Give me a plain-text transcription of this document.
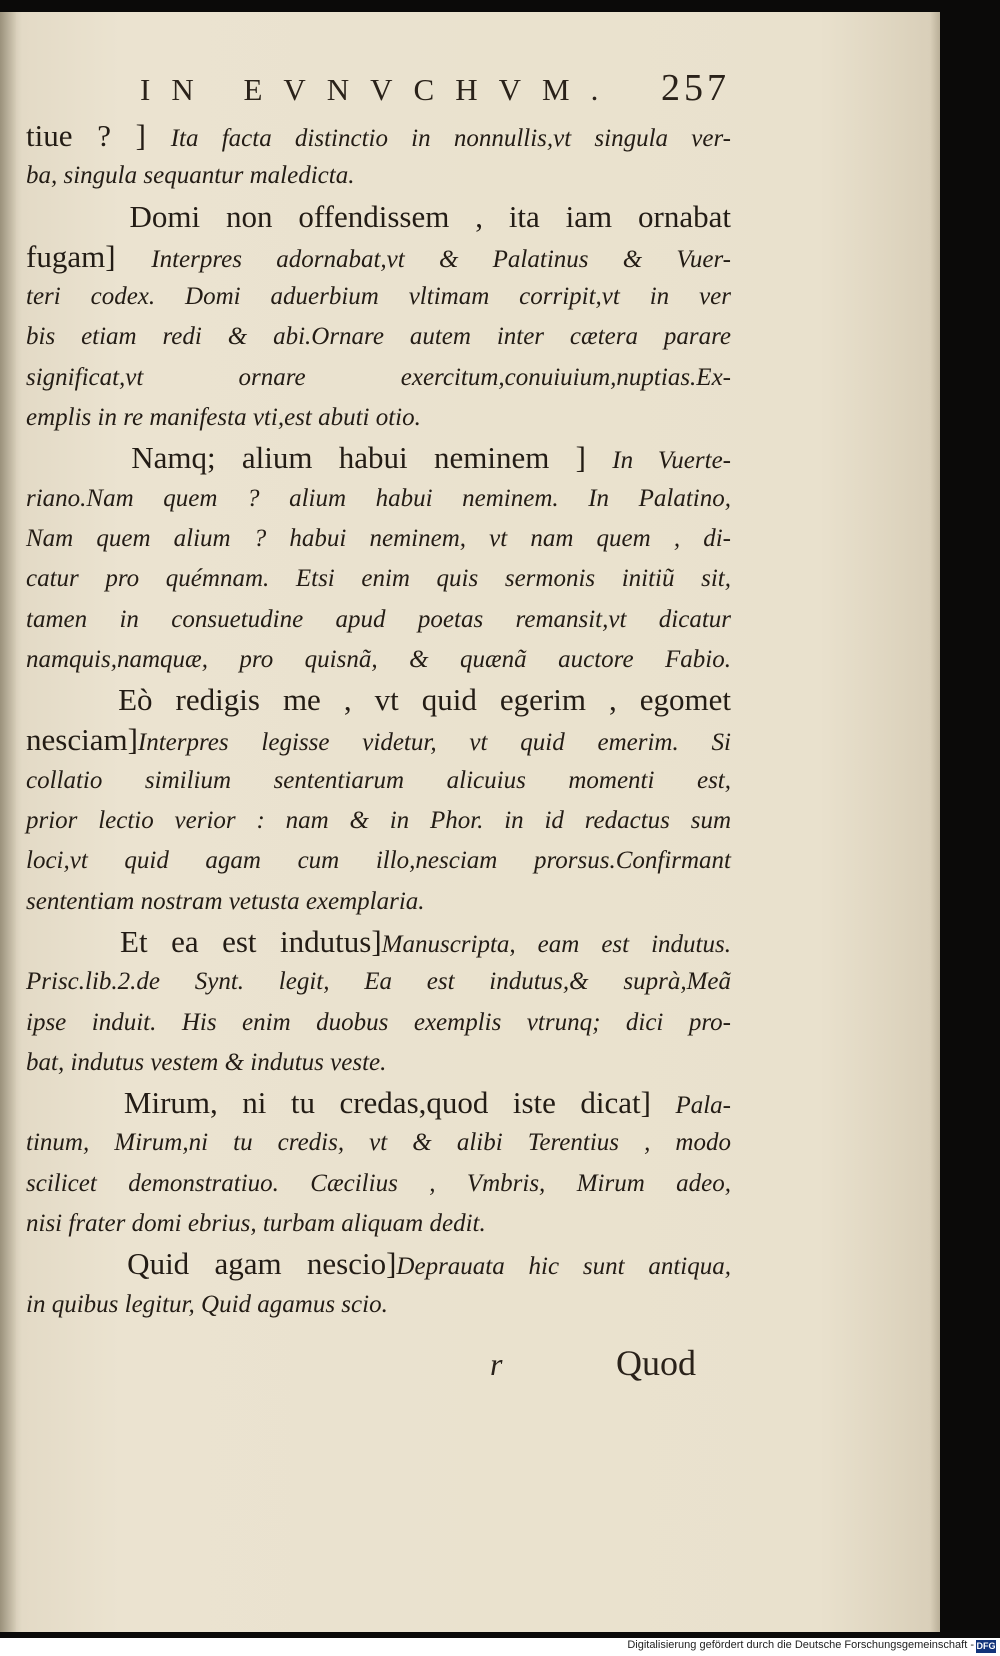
IN EVNVCHVM. 257
tiue ? ] Ita facta distinctio in nonnullis,vt singula ver-
ba, singula sequantur maledicta.
Domi non offendissem , ita iam ornabat
fugam] Interpres adornabat,vt & Palatinus & Vuer-
teri codex. Domi aduerbium vltimam corripit,vt in ver
bis etiam redi & abi.Ornare autem inter cætera parare
significat,vt ornare exercitum,conuiuium,nuptias.Ex-
emplis in re manifesta vti,est abuti otio.
Namq; alium habui neminem ] In Vuerte-
riano.Nam quem ? alium habui neminem. In Palatino,
Nam quem alium ? habui neminem, vt nam quem , di-
catur pro quémnam. Etsi enim quis sermonis initiũ sit,
tamen in consuetudine apud poetas remansit,vt dicatur
namquis,namquæ, pro quisnã, & quænã auctore Fabio.
Eò redigis me , vt quid egerim , egomet
nesciam]Interpres legisse videtur, vt quid emerim. Si
collatio similium sententiarum alicuius momenti est,
prior lectio verior : nam & in Phor. in id redactus sum
loci,vt quid agam cum illo,nesciam prorsus.Confirmant
sententiam nostram vetusta exemplaria.
Et ea est indutus]Manuscripta, eam est indutus.
Prisc.lib.2.de Synt. legit, Ea est indutus,& suprà,Meã
ipse induit. His enim duobus exemplis vtrunq; dici pro-
bat, indutus vestem & indutus veste.
Mirum, ni tu credas,quod iste dicat] Pala-
tinum, Mirum,ni tu credis, vt & alibi Terentius , modo
scilicet demonstratiuo. Cæcilius , Vmbris, Mirum adeo,
nisi frater domi ebrius, turbam aliquam dedit.
Quid agam nescio]Deprauata hic sunt antiqua,
in quibus legitur, Quid agamus scio.
r	Quod
Digitalisierung gefördert durch die Deutsche Forschungsgemeinschaft - DFG
